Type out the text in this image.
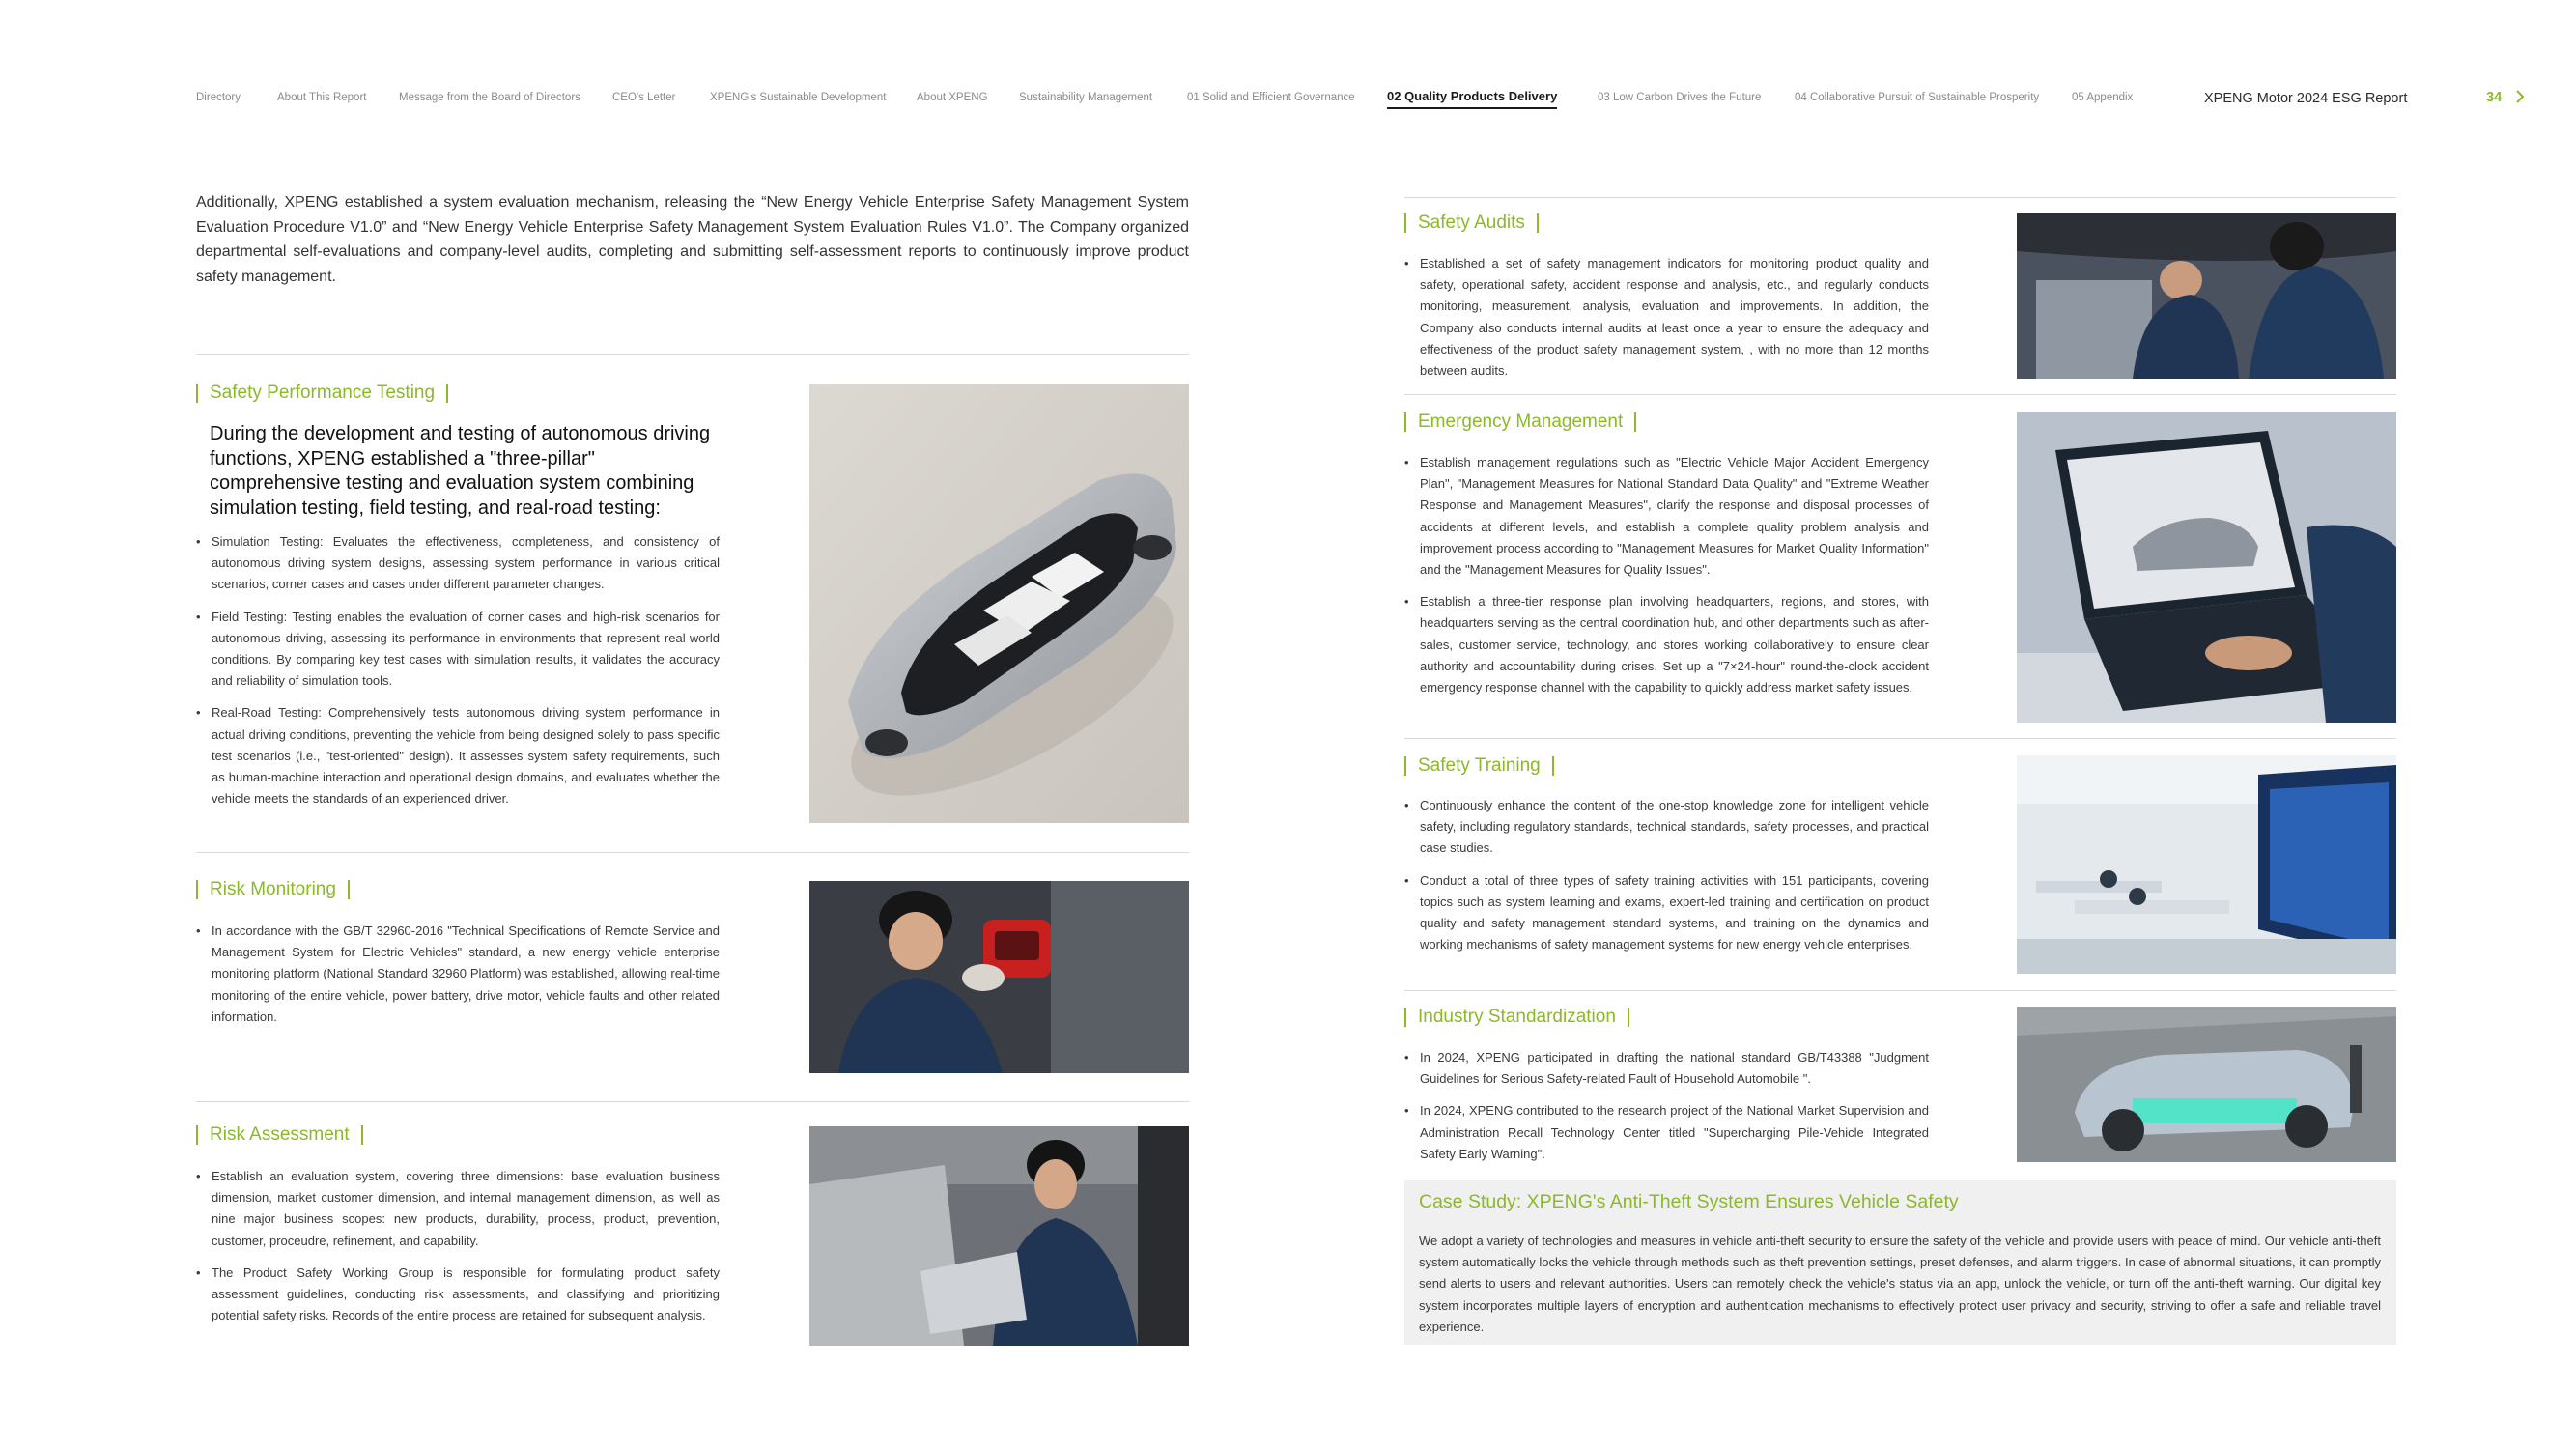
Directory	About This Report	Message from the Board of Directors	CEO's Letter	XPENG's Sustainable Development	About XPENG	Sustainability Management	01 Solid and Efficient Governance	02 Quality Products Delivery	03 Low Carbon Drives the Future	04 Collaborative Pursuit of Sustainable Prosperity	05 Appendix	XPENG Motor 2024 ESG Report	34

Additionally, XPENG established a system evaluation mechanism, releasing the “New Energy Vehicle Enterprise Safety Management System Evaluation Procedure V1.0” and “New Energy Vehicle Enterprise Safety Management System Evaluation Rules V1.0”. The Company organized departmental self-evaluations and company-level audits, completing and submitting self-assessment reports to continuously improve product safety management.

Safety Performance Testing

During the development and testing of autonomous driving functions, XPENG established a "three-pillar" comprehensive testing and evaluation system combining simulation testing, field testing, and real-road testing:

• Simulation Testing: Evaluates the effectiveness, completeness, and consistency of autonomous driving system designs, assessing system performance in various critical scenarios, corner cases and cases under different parameter changes.
• Field Testing: Testing enables the evaluation of corner cases and high-risk scenarios for autonomous driving, assessing its performance in environments that represent real-world conditions. By comparing key test cases with simulation results, it validates the accuracy and reliability of simulation tools.
• Real-Road Testing: Comprehensively tests autonomous driving system performance in actual driving conditions, preventing the vehicle from being designed solely to pass specific test scenarios (i.e., "test-oriented" design). It assesses system safety requirements, such as human-machine interaction and operational design domains, and evaluates whether the vehicle meets the standards of an experienced driver.
Risk Monitoring
• In accordance with the GB/T 32960-2016 "Technical Specifications of Remote Service and Management System for Electric Vehicles" standard, a new energy vehicle enterprise monitoring platform (National Standard 32960 Platform) was established, allowing real-time monitoring of the entire vehicle, power battery, drive motor, vehicle faults and other related information.
Risk Assessment
• Establish an evaluation system, covering three dimensions: base evaluation business dimension, market customer dimension, and internal management dimension, as well as nine major business scopes: new products, durability, process, product, prevention, customer, proceudre, refinement, and capability.
• The Product Safety Working Group is responsible for formulating product safety assessment guidelines, conducting risk assessments, and classifying and prioritizing potential safety risks. Records of the entire process are retained for subsequent analysis.
Safety Audits
• Established a set of safety management indicators for monitoring product quality and safety, operational safety, accident response and analysis, etc., and regularly conducts monitoring, measurement, analysis, evaluation and improvements. In addition, the Company also conducts internal audits at least once a year to ensure the adequacy and effectiveness of the product safety management system, , with no more than 12 months between audits.
Emergency Management
• Establish management regulations such as "Electric Vehicle Major Accident Emergency Plan", "Management Measures for National Standard Data Quality" and "Extreme Weather Response and Management Measures", clarify the response and disposal processes of accidents at different levels, and establish a complete quality problem analysis and improvement process according to "Management Measures for Market Quality Information" and the "Management Measures for Quality Issues".
• Establish a three-tier response plan involving headquarters, regions, and stores, with headquarters serving as the central coordination hub, and other departments such as after-sales, customer service, technology, and stores working collaboratively to ensure clear authority and accountability during crises. Set up a "7×24-hour" round-the-clock accident emergency response channel with the capability to quickly address market safety issues.
Safety Training
• Continuously enhance the content of the one-stop knowledge zone for intelligent vehicle safety, including regulatory standards, technical standards, safety processes, and practical case studies.
• Conduct a total of three types of safety training activities with 151 participants, covering topics such as system learning and exams, expert-led training and certification on product quality and safety management standard systems, and training on the dynamics and working mechanisms of safety management systems for new energy vehicle enterprises.
Industry Standardization
• In 2024, XPENG participated in drafting the national standard GB/T43388 "Judgment Guidelines for Serious Safety-related Fault of Household Automobile ".
• In 2024, XPENG contributed to the research project of the National Market Supervision and Administration Recall Technology Center titled "Supercharging Pile-Vehicle Integrated Safety Early Warning".
Case Study: XPENG's Anti-Theft System Ensures Vehicle Safety

We adopt a variety of technologies and measures in vehicle anti-theft security to ensure the safety of the vehicle and provide users with peace of mind. Our vehicle anti-theft system automatically locks the vehicle through methods such as theft prevention settings, preset defenses, and alarm triggers. In case of abnormal situations, it can promptly send alerts to users and relevant authorities. Users can remotely check the vehicle's status via an app, unlock the vehicle, or turn off the anti-theft warning. Our digital key system incorporates multiple layers of encryption and authentication mechanisms to effectively protect user privacy and security, striving to offer a safe and reliable travel experience.
